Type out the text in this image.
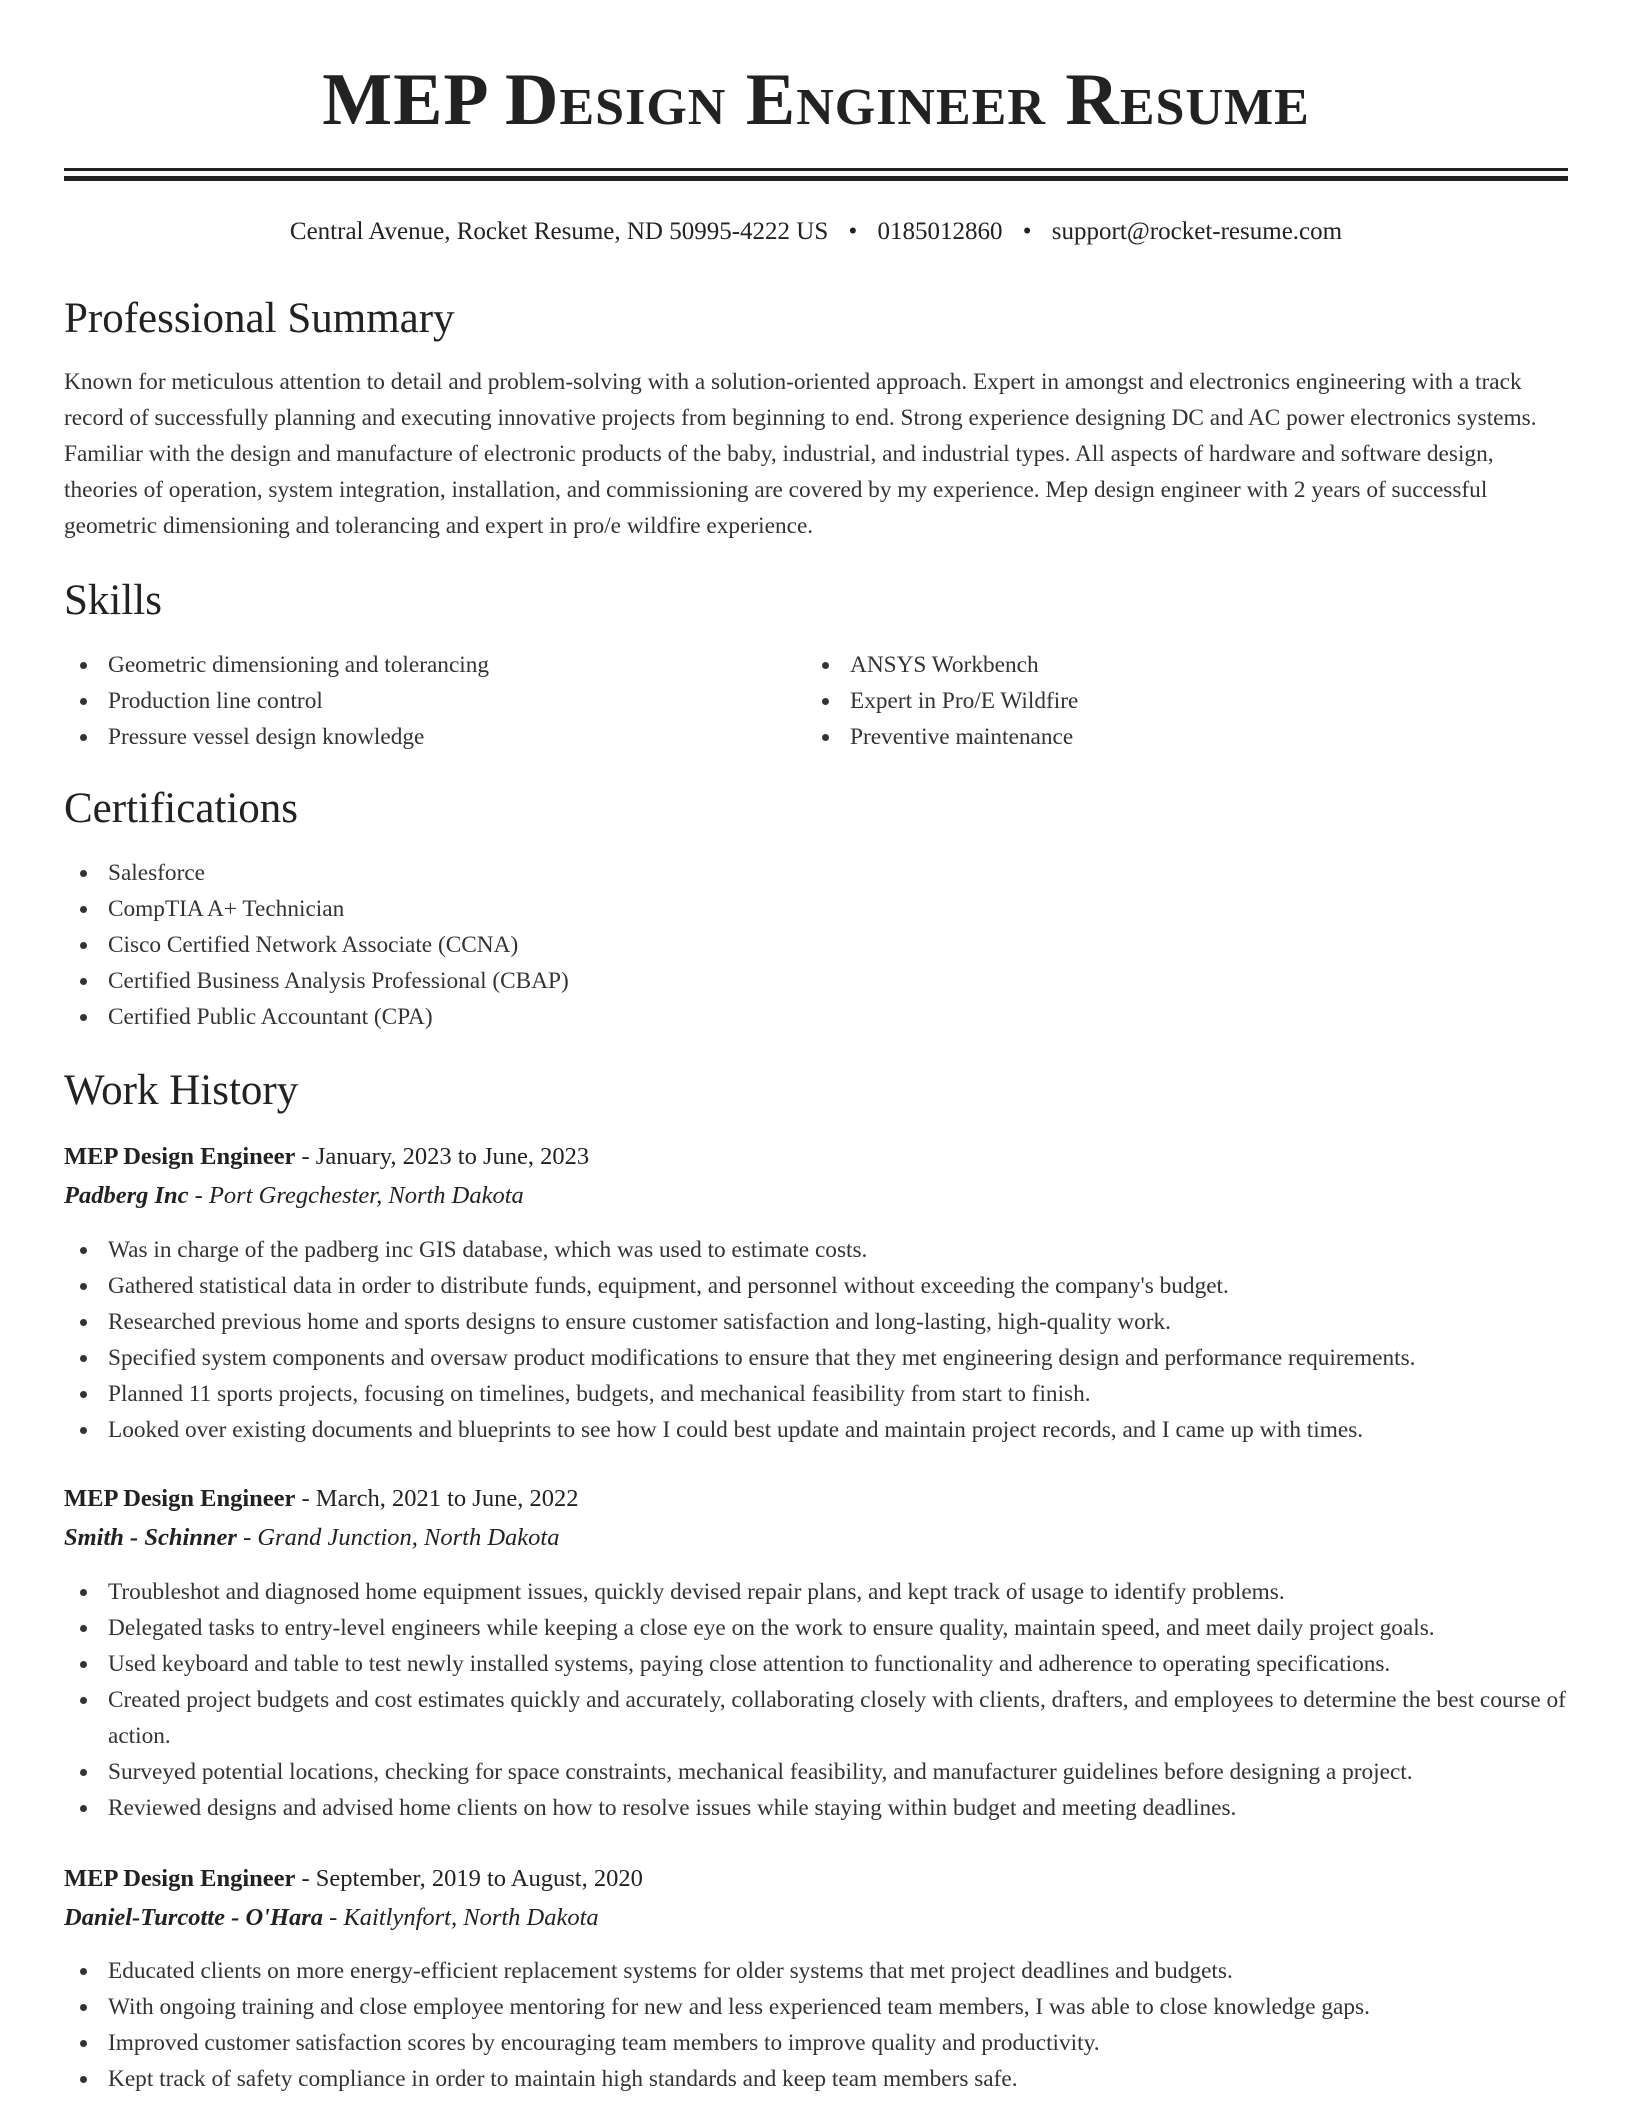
MEP Design Engineer Resume
Central Avenue, Rocket Resume, ND 50995-4222 US • 0185012860 • support@rocket-resume.com
Professional Summary

Known for meticulous attention to detail and problem-solving with a solution-oriented approach. Expert in amongst and electronics engineering with a track record of successfully planning and executing innovative projects from beginning to end. Strong experience designing DC and AC power electronics systems. Familiar with the design and manufacture of electronic products of the baby, industrial, and industrial types. All aspects of hardware and software design, theories of operation, system integration, installation, and commissioning are covered by my experience. Mep design engineer with 2 years of successful geometric dimensioning and tolerancing and expert in pro/e wildfire experience.

Skills
Geometric dimensioning and tolerancing
Production line control
Pressure vessel design knowledge
ANSYS Workbench
Expert in Pro/E Wildfire
Preventive maintenance
Certifications
Salesforce
CompTIA A+ Technician
Cisco Certified Network Associate (CCNA)
Certified Business Analysis Professional (CBAP)
Certified Public Accountant (CPA)
Work History
MEP Design Engineer - January, 2023 to June, 2023
Padberg Inc - Port Gregchester, North Dakota
Was in charge of the padberg inc GIS database, which was used to estimate costs.
Gathered statistical data in order to distribute funds, equipment, and personnel without exceeding the company's budget.
Researched previous home and sports designs to ensure customer satisfaction and long-lasting, high-quality work.
Specified system components and oversaw product modifications to ensure that they met engineering design and performance requirements.
Planned 11 sports projects, focusing on timelines, budgets, and mechanical feasibility from start to finish.
Looked over existing documents and blueprints to see how I could best update and maintain project records, and I came up with times.
MEP Design Engineer - March, 2021 to June, 2022
Smith - Schinner - Grand Junction, North Dakota
Troubleshot and diagnosed home equipment issues, quickly devised repair plans, and kept track of usage to identify problems.
Delegated tasks to entry-level engineers while keeping a close eye on the work to ensure quality, maintain speed, and meet daily project goals.
Used keyboard and table to test newly installed systems, paying close attention to functionality and adherence to operating specifications.
Created project budgets and cost estimates quickly and accurately, collaborating closely with clients, drafters, and employees to determine the best course of action.
Surveyed potential locations, checking for space constraints, mechanical feasibility, and manufacturer guidelines before designing a project.
Reviewed designs and advised home clients on how to resolve issues while staying within budget and meeting deadlines.
MEP Design Engineer - September, 2019 to August, 2020
Daniel-Turcotte - O'Hara - Kaitlynfort, North Dakota
Educated clients on more energy-efficient replacement systems for older systems that met project deadlines and budgets.
With ongoing training and close employee mentoring for new and less experienced team members, I was able to close knowledge gaps.
Improved customer satisfaction scores by encouraging team members to improve quality and productivity.
Kept track of safety compliance in order to maintain high standards and keep team members safe.
